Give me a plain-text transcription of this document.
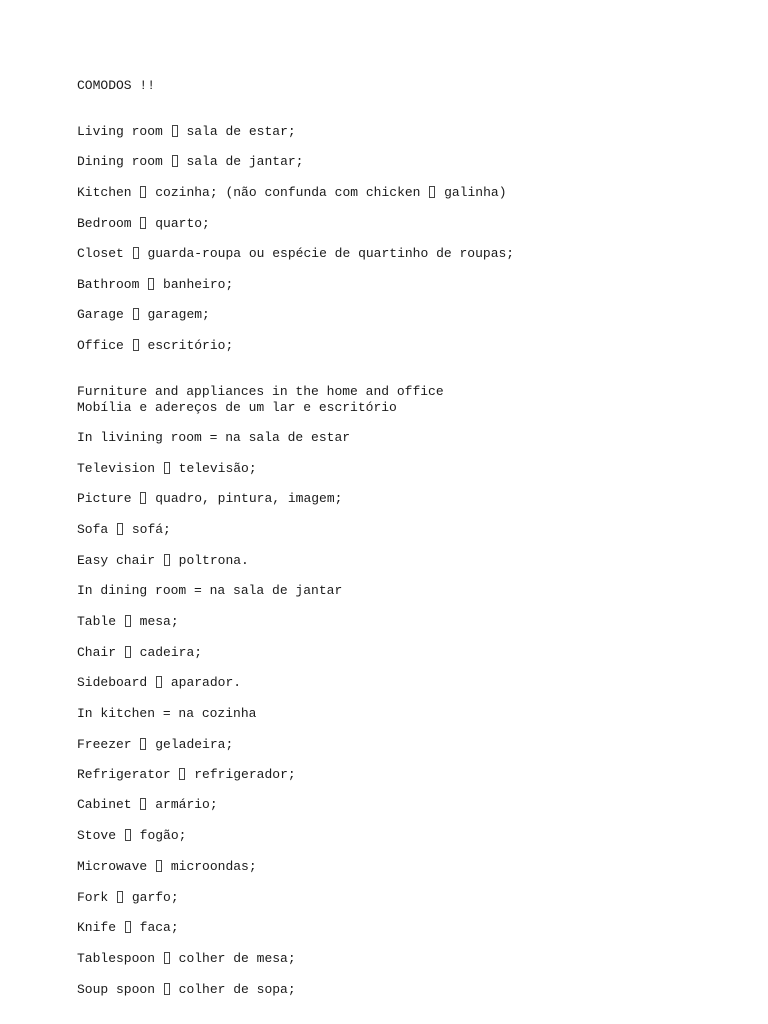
COMODOS !!
Living room sala de estar;
Dining room sala de jantar;
Kitchen cozinha; (não confunda com chicken  galinha)
Bedroom quarto;
Closet guarda-roupa ou espécie de quartinho de roupas;
Bathroom banheiro;
Garage garagem;
Office escritório;
Furniture and appliances in the home and office
Mobília e adereços de um lar e escritório
In livining room = na sala de estar
Television televisão;
Picture quadro, pintura, imagem;
Sofa sofá;
Easy chair poltrona.
In dining room = na sala de jantar
Table mesa;
Chair cadeira;
Sideboard aparador.
In kitchen = na cozinha
Freezer geladeira;
Refrigerator refrigerador;
Cabinet armário;
Stove fogão;
Microwave microondas;
Fork garfo;
Knife faca;
Tablespoon colher de mesa;
Soup spoon colher de sopa;
